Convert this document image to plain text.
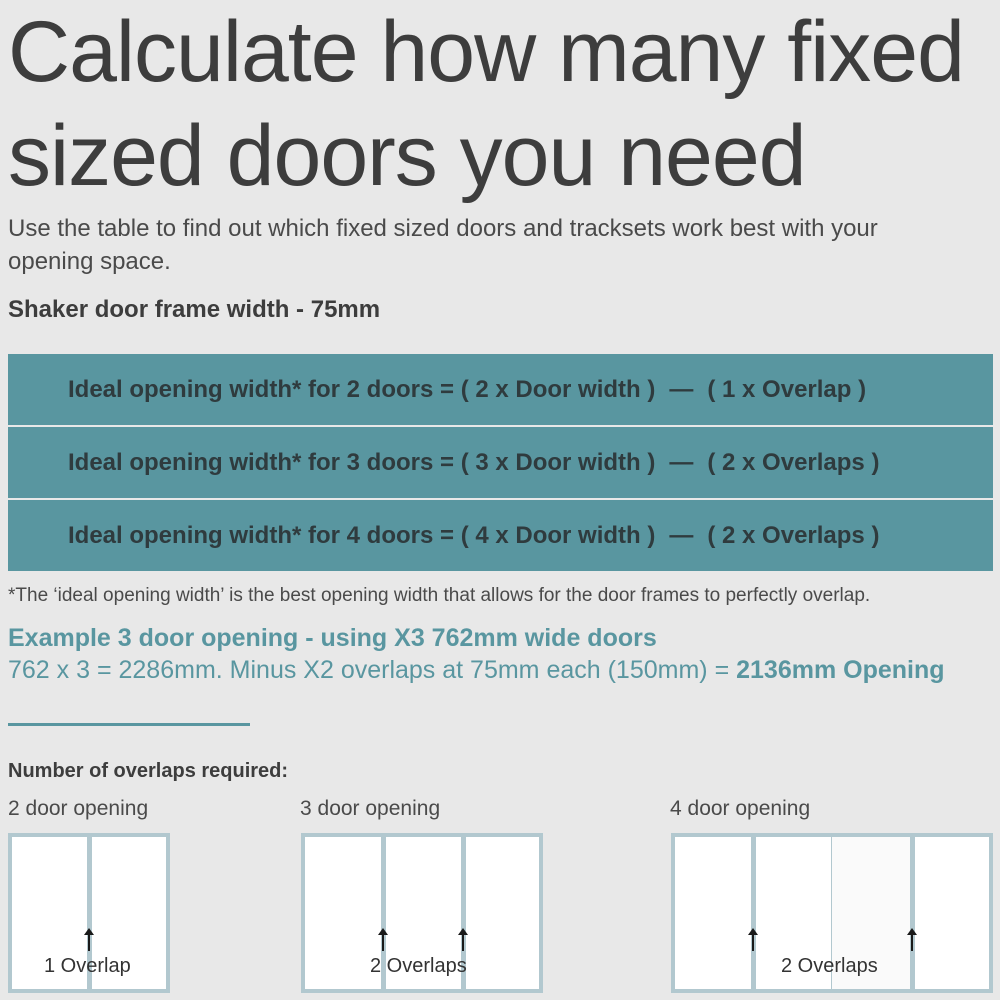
Calculate how many fixed sized doors you need

Use the table to find out which fixed sized doors and tracksets work best with your opening space.

Shaker door frame width - 75mm

Ideal opening width* for 2 doors = ( 2 x Door width ) — ( 1 x Overlap )
Ideal opening width* for 3 doors = ( 3 x Door width ) — ( 2 x Overlaps )
Ideal opening width* for 4 doors = ( 4 x Door width ) — ( 2 x Overlaps )

*The ‘ideal opening width’ is the best opening width that allows for the door frames to perfectly overlap.

Example 3 door opening - using X3 762mm wide doors

762 x 3 = 2286mm. Minus X2 overlaps at 75mm each (150mm) = 2136mm Opening

Number of overlaps required:

2 door opening

1 Overlap

3 door opening

2 Overlaps

4 door opening

2 Overlaps
